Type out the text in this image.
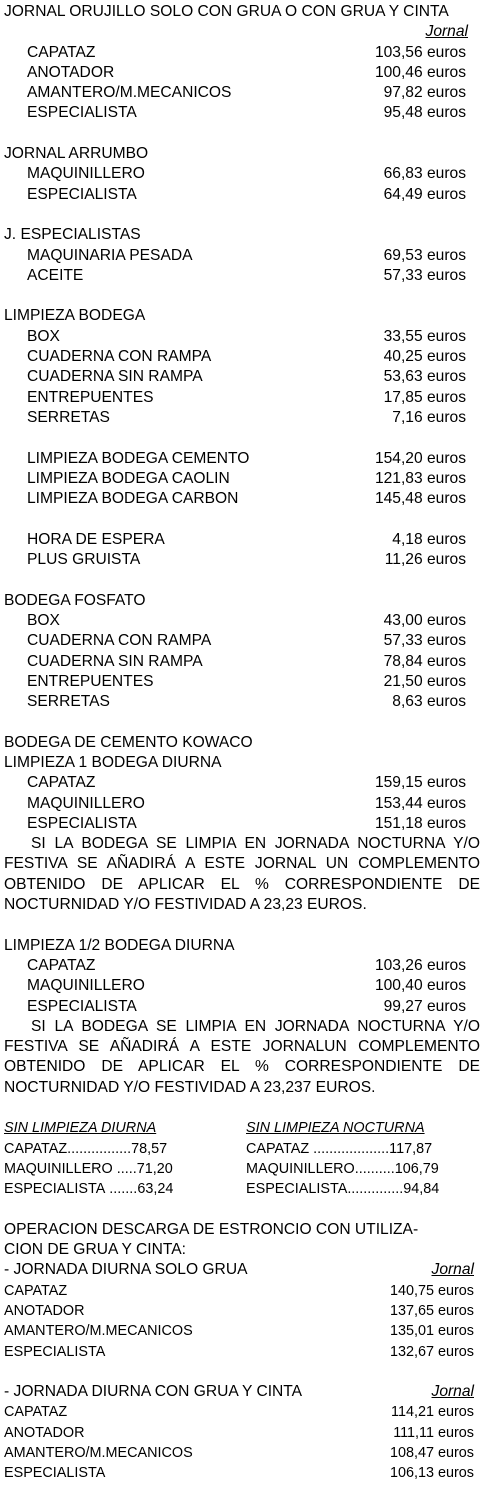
JORNAL ORUJILLO SOLO CON GRUA O CON GRUA Y CINTA
Jornal
CAPATAZ	103,56 euros
ANOTADOR	100,46 euros
AMANTERO/M.MECANICOS	97,82 euros
ESPECIALISTA	95,48 euros
JORNAL ARRUMBO
MAQUINILLERO	66,83 euros
ESPECIALISTA	64,49 euros
J. ESPECIALISTAS
MAQUINARIA PESADA	69,53 euros
ACEITE	57,33 euros
LIMPIEZA BODEGA
BOX	33,55 euros
CUADERNA CON RAMPA	40,25 euros
CUADERNA SIN RAMPA	53,63 euros
ENTREPUENTES	17,85 euros
SERRETAS	7,16 euros
LIMPIEZA BODEGA CEMENTO	154,20 euros
LIMPIEZA BODEGA CAOLIN	121,83 euros
LIMPIEZA BODEGA CARBON	145,48 euros
HORA DE ESPERA	4,18 euros
PLUS GRUISTA	11,26 euros
BODEGA FOSFATO
BOX	43,00 euros
CUADERNA CON RAMPA	57,33 euros
CUADERNA SIN RAMPA	78,84 euros
ENTREPUENTES	21,50 euros
SERRETAS	8,63 euros
BODEGA DE CEMENTO KOWACO
LIMPIEZA 1 BODEGA DIURNA
CAPATAZ	159,15 euros
MAQUINILLERO	153,44 euros
ESPECIALISTA	151,18 euros
SI LA BODEGA SE LIMPIA EN JORNADA NOCTURNA Y/O FESTIVA SE AÑADIRÁ A ESTE JORNAL UN COMPLEMENTO OBTENIDO DE APLICAR EL % CORRESPONDIENTE DE NOCTURNIDAD Y/O FESTIVIDAD A 23,23 EUROS.
LIMPIEZA 1/2 BODEGA DIURNA
CAPATAZ	103,26 euros
MAQUINILLERO	100,40 euros
ESPECIALISTA	99,27 euros
SI LA BODEGA SE LIMPIA EN JORNADA NOCTURNA Y/O FESTIVA SE AÑADIRÁ A ESTE JORNALUN COMPLEMENTO OBTENIDO DE APLICAR EL % CORRESPONDIENTE DE NOCTURNIDAD Y/O FESTIVIDAD A 23,237 EUROS.
SIN LIMPIEZA DIURNA
CAPATAZ ................ 78,57
MAQUINILLERO ..... 71,20
ESPECIALISTA ....... 63,24
SIN LIMPIEZA NOCTURNA
CAPATAZ ................... 117,87
MAQUINILLERO .......... 106,79
ESPECIALISTA .............. 94,84
OPERACION DESCARGA DE ESTRONCIO CON UTILIZA-
CION DE GRUA Y CINTA:
- JORNADA DIURNA SOLO GRUA	Jornal
CAPATAZ	140,75 euros
ANOTADOR	137,65 euros
AMANTERO/M.MECANICOS	135,01 euros
ESPECIALISTA	132,67 euros
- JORNADA DIURNA CON GRUA Y CINTA	Jornal
CAPATAZ	114,21 euros
ANOTADOR	111,11 euros
AMANTERO/M.MECANICOS	108,47 euros
ESPECIALISTA	106,13 euros
